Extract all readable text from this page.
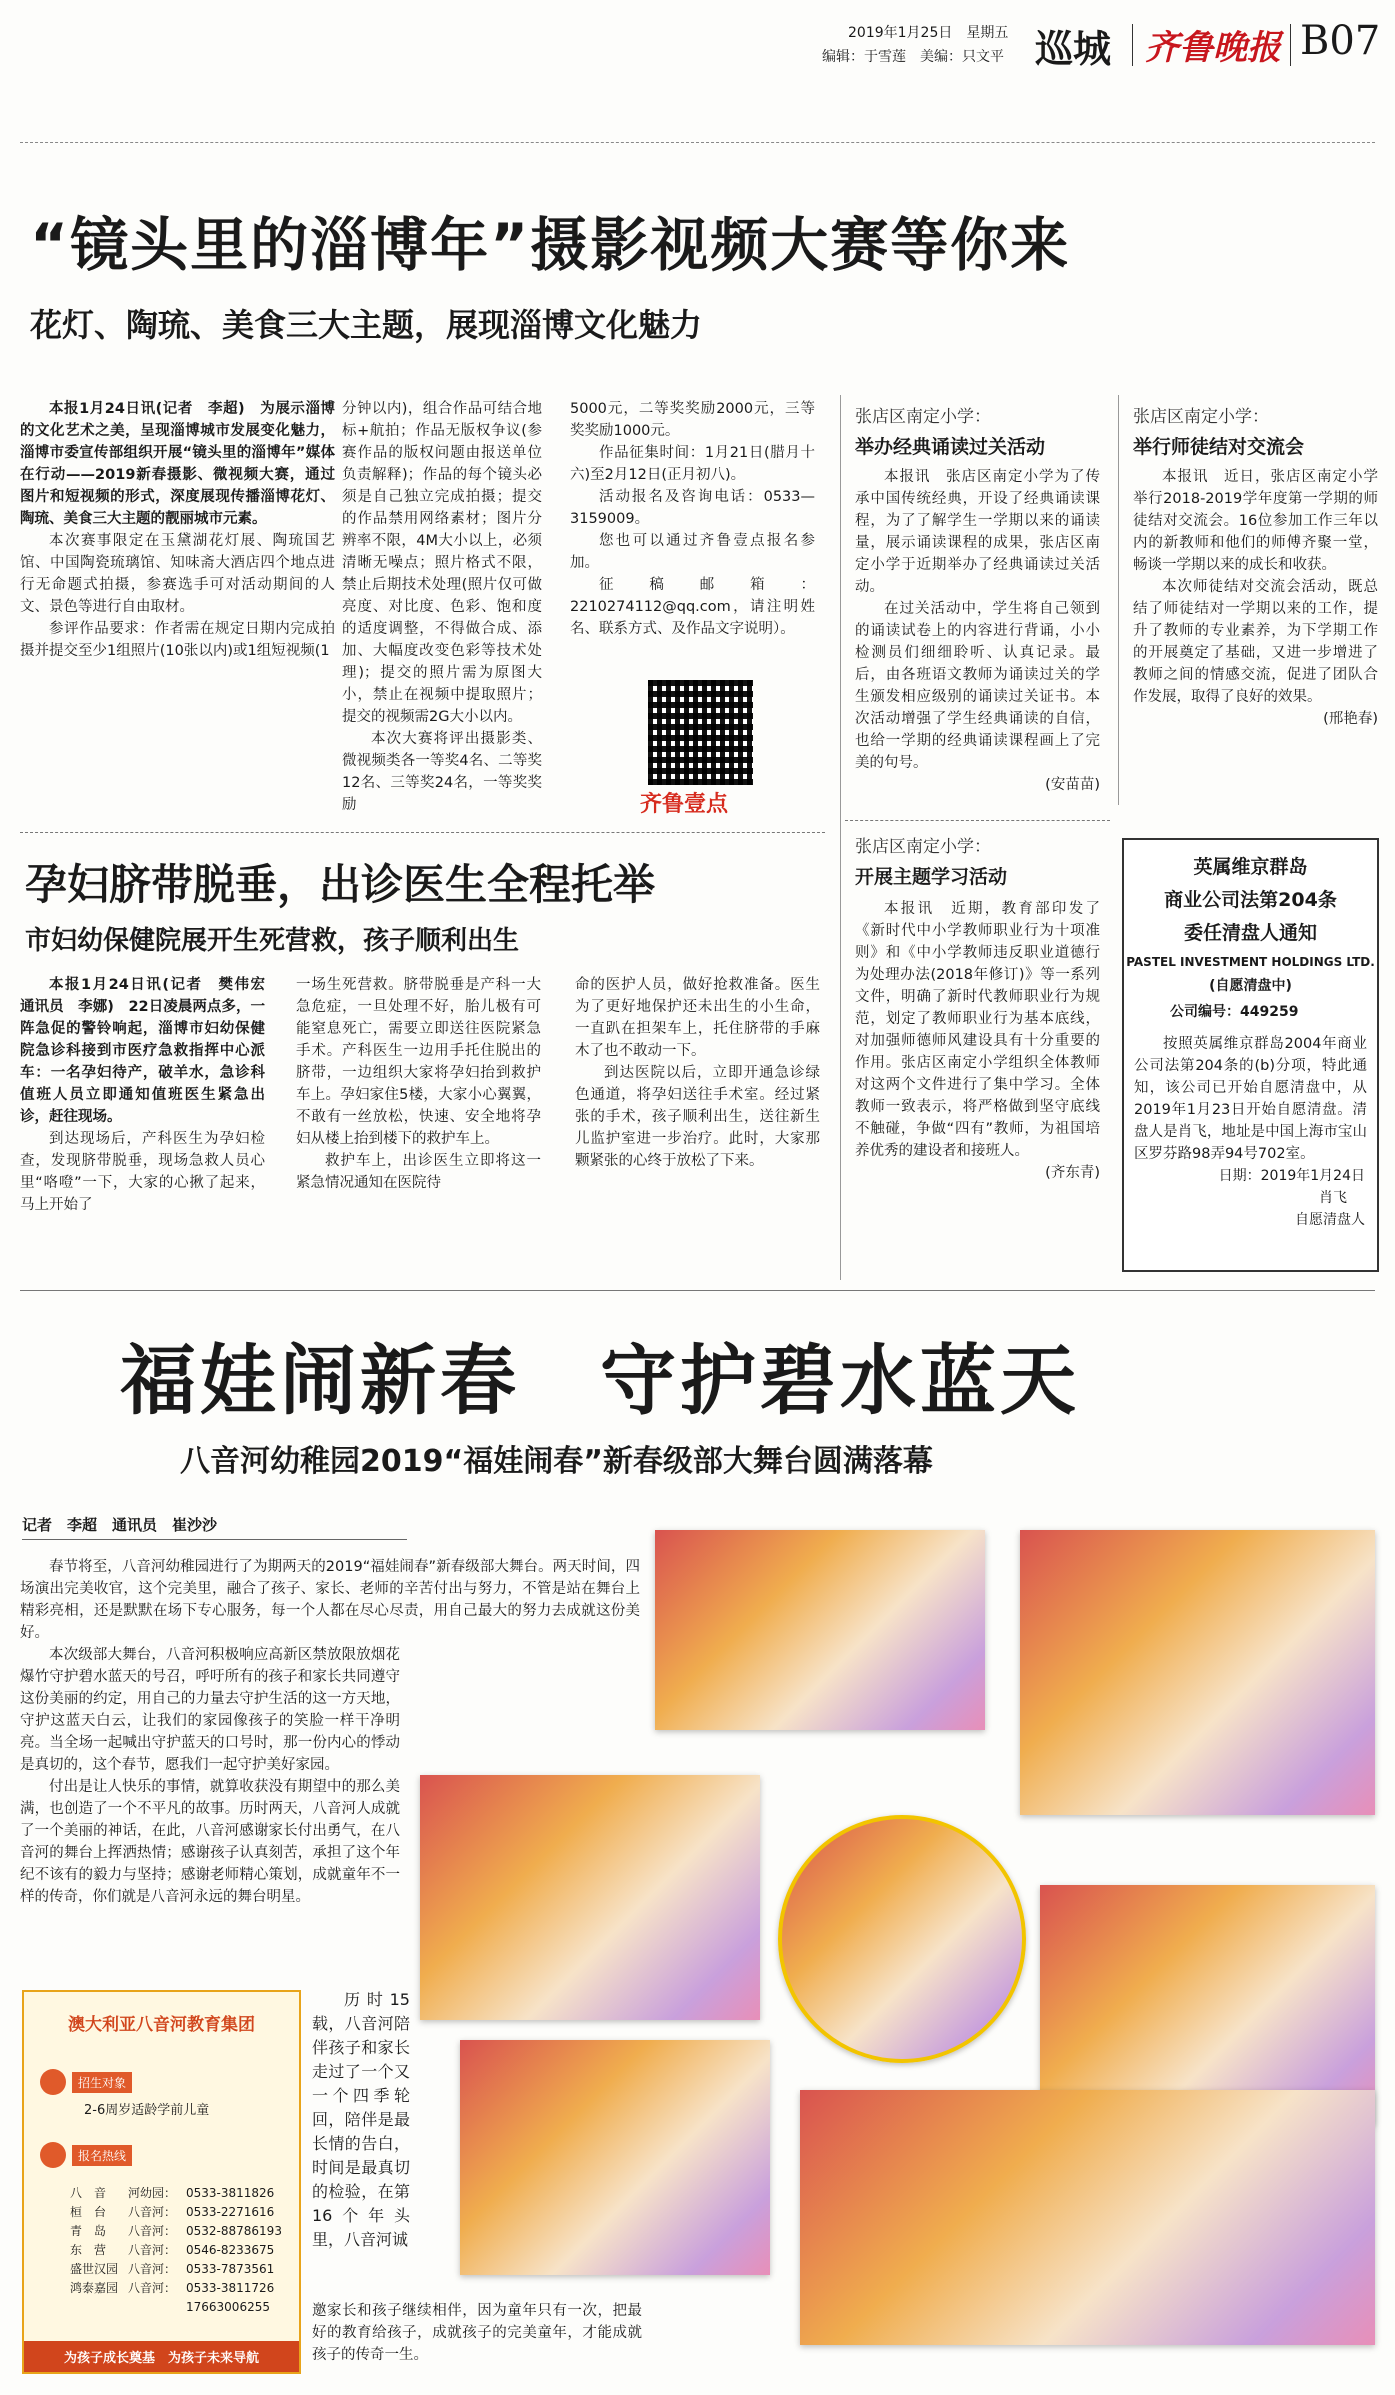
2019年1月25日　 星期五
编辑：于雪莲　 美编：只文平 巡城 齐鲁晚报 B07
“镜头里的淄博年”摄影视频大赛等你来
花灯、陶琉、美食三大主题，展现淄博文化魅力

本报1月24日讯(记者　李超)　为展示淄博的文化艺术之美，呈现淄博城市发展变化魅力，淄博市委宣传部组织开展“镜头里的淄博年”媒体在行动——2019新春摄影、微视频大赛，通过图片和短视频的形式，深度展现传播淄博花灯、陶琉、美食三大主题的靓丽城市元素。

本次赛事限定在玉黛湖花灯展、陶琉国艺馆、中国陶瓷琉璃馆、知味斋大酒店四个地点进行无命题式拍摄，参赛选手可对活动期间的人文、景色等进行自由取材。

参评作品要求：作者需在规定日期内完成拍摄并提交至少1组照片(10张以内)或1组短视频(1

分钟以内)，组合作品可结合地标+航拍；作品无版权争议(参赛作品的版权问题由报送单位负责解释)；作品的每个镜头必须是自己独立完成拍摄；提交的作品禁用网络素材；图片分辨率不限，4M大小以上，必须清晰无噪点；照片格式不限，禁止后期技术处理(照片仅可做亮度、对比度、色彩、饱和度的适度调整，不得做合成、添加、大幅度改变色彩等技术处理)；提交的照片需为原图大小，禁止在视频中提取照片；提交的视频需2G大小以内。

本次大赛将评出摄影类、微视频类各一等奖4名、二等奖12名、三等奖24名，一等奖奖励

5000元，二等奖奖励2000元，三等奖奖励1000元。

作品征集时间：1月21日(腊月十六)至2月12日(正月初八)。

活动报名及咨询电话：0533—3159009。

您也可以通过齐鲁壹点报名参加。

征稿邮箱：2210274112@qq.com，请注明姓名、联系方式、及作品文字说明）。

齐鲁壹点
张店区南定小学：
举办经典诵读过关活动

本报讯　张店区南定小学为了传承中国传统经典，开设了经典诵读课程，为了了解学生一学期以来的诵读量，展示诵读课程的成果，张店区南定小学于近期举办了经典诵读过关活动。

在过关活动中，学生将自己领到的诵读试卷上的内容进行背诵，小小检测员们细细聆听、认真记录。最后，由各班语文教师为诵读过关的学生颁发相应级别的诵读过关证书。本次活动增强了学生经典诵读的自信，也给一学期的经典诵读课程画上了完美的句号。

(安苗苗)

张店区南定小学：
举行师徒结对交流会

本报讯　近日，张店区南定小学举行2018-2019学年度第一学期的师徒结对交流会。16位参加工作三年以内的新教师和他们的师傅齐聚一堂，畅谈一学期以来的成长和收获。

本次师徒结对交流会活动，既总结了师徒结对一学期以来的工作，提升了教师的专业素养，为下学期工作的开展奠定了基础，又进一步增进了教师之间的情感交流，促进了团队合作发展，取得了良好的效果。

(邢艳春)

孕妇脐带脱垂，出诊医生全程托举
市妇幼保健院展开生死营救，孩子顺利出生

本报1月24日讯(记者　樊伟宏　通讯员　李娜)　22日凌晨两点多，一阵急促的警铃响起，淄博市妇幼保健院急诊科接到市医疗急救指挥中心派车：一名孕妇待产，破羊水，急诊科值班人员立即通知值班医生紧急出诊，赶往现场。

到达现场后，产科医生为孕妇检查，发现脐带脱垂，现场急救人员心里“咯噔”一下，大家的心揪了起来，马上开始了

一场生死营救。脐带脱垂是产科一大急危症，一旦处理不好，胎儿极有可能窒息死亡，需要立即送往医院紧急手术。产科医生一边用手托住脱出的脐带，一边组织大家将孕妇抬到救护车上。孕妇家住5楼，大家小心翼翼，不敢有一丝放松，快速、安全地将孕妇从楼上抬到楼下的救护车上。

救护车上，出诊医生立即将这一紧急情况通知在医院待

命的医护人员，做好抢救准备。医生为了更好地保护还未出生的小生命，一直趴在担架车上，托住脐带的手麻木了也不敢动一下。

到达医院以后，立即开通急诊绿色通道，将孕妇送往手术室。经过紧张的手术，孩子顺利出生，送往新生儿监护室进一步治疗。此时，大家那颗紧张的心终于放松了下来。

张店区南定小学：
开展主题学习活动

本报讯　近期，教育部印发了《新时代中小学教师职业行为十项准则》和《中小学教师违反职业道德行为处理办法(2018年修订)》等一系列文件，明确了新时代教师职业行为规范，划定了教师职业行为基本底线，对加强师德师风建设具有十分重要的作用。张店区南定小学组织全体教师对这两个文件进行了集中学习。全体教师一致表示，将严格做到坚守底线不触碰，争做“四有”教师，为祖国培养优秀的建设者和接班人。

(齐东青)

英属维京群岛
商业公司法第204条
委任清盘人通知
PASTEL INVESTMENT HOLDINGS LTD.
(自愿清盘中)
公司编号：449259

按照英属维京群岛2004年商业公司法第204条的(b)分项，特此通知，该公司已开始自愿清盘中，从2019年1月23日开始自愿清盘。清盘人是肖飞，地址是中国上海市宝山区罗芬路98弄94号702室。

日期：2019年1月24日
肖飞
自愿清盘人
福娃闹新春　守护碧水蓝天
八音河幼稚园2019“福娃闹春”新春级部大舞台圆满落幕
记者　李超　通讯员　崔沙沙

春节将至，八音河幼稚园进行了为期两天的2019“福娃闹春”新春级部大舞台。两天时间，四场演出完美收官，这个完美里，融合了孩子、家长、老师的辛苦付出与努力，不管是站在舞台上精彩亮相，还是默默在场下专心服务，每一个人都在尽心尽责，用自己最大的努力去成就这份美好。

本次级部大舞台，八音河积极响应高新区禁放限放烟花爆竹守护碧水蓝天的号召，呼吁所有的孩子和家长共同遵守这份美丽的约定，用自己的力量去守护生活的这一方天地，守护这蓝天白云，让我们的家园像孩子的笑脸一样干净明亮。当全场一起喊出守护蓝天的口号时，那一份内心的悸动是真切的，这个春节，愿我们一起守护美好家园。

付出是让人快乐的事情，就算收获没有期望中的那么美满，也创造了一个不平凡的故事。历时两天，八音河人成就了一个美丽的神话，在此，八音河感谢家长付出勇气，在八音河的舞台上挥洒热情；感谢孩子认真刻苦，承担了这个年纪不该有的毅力与坚持；感谢老师精心策划，成就童年不一样的传奇，你们就是八音河永远的舞台明星。

历时15载，八音河陪伴孩子和家长走过了一个又一个四季轮回，陪伴是最长情的告白，时间是最真切的检验，在第16个年头里，八音河诚

邀家长和孩子继续相伴，因为童年只有一次，把最好的教育给孩子，成就孩子的完美童年，才能成就孩子的传奇一生。

澳大利亚八音河教育集团
招生对象
2-6周岁适龄学前儿童
报名热线
八　音 河幼园： 0533-3811826
桓　台 八音河： 0533-2271616
青　岛 八音河： 0532-88786193
东　营 八音河： 0546-8233675
盛世汉园 八音河： 0533-7873561
鸿泰嘉园 八音河： 0533-3811726
17663006255
为孩子成长奠基　为孩子未来导航
